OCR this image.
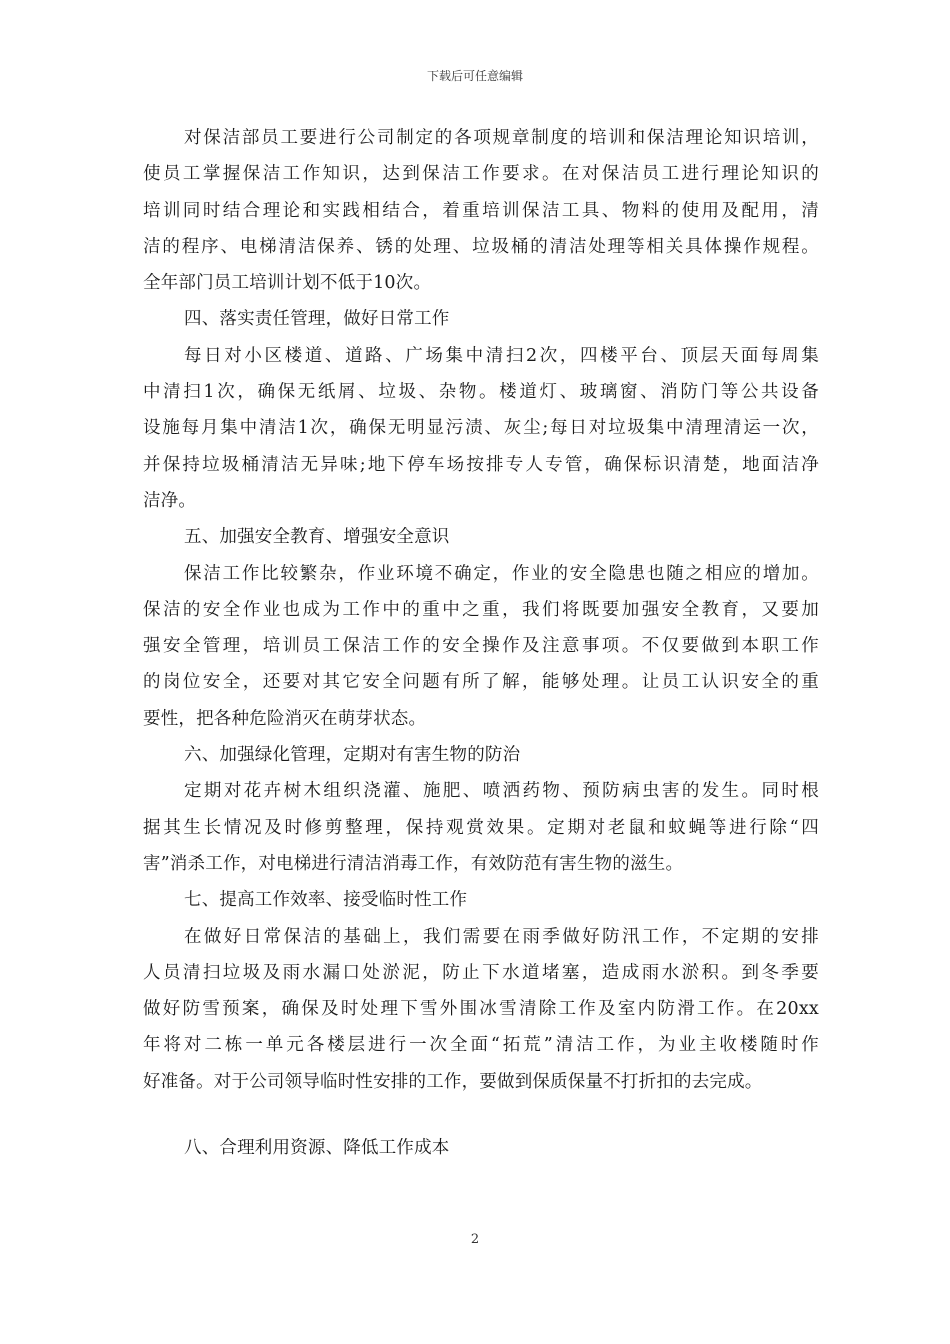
下载后可任意编辑
对保洁部员工要进行公司制定的各项规章制度的培训和保洁理论知识培训，
使员工掌握保洁工作知识，达到保洁工作要求。在对保洁员工进行理论知识的
培训同时结合理论和实践相结合，着重培训保洁工具、物料的使用及配用，清
洁的程序、电梯清洁保养、锈的处理、垃圾桶的清洁处理等相关具体操作规程。
全年部门员工培训计划不低于10次。
四、落实责任管理，做好日常工作
每日对小区楼道、道路、广场集中清扫2次，四楼平台、顶层天面每周集
中清扫1次，确保无纸屑、垃圾、杂物。楼道灯、玻璃窗、消防门等公共设备
设施每月集中清洁1次，确保无明显污渍、灰尘;每日对垃圾集中清理清运一次，
并保持垃圾桶清洁无异味;地下停车场按排专人专管，确保标识清楚，地面洁净
洁净。
五、加强安全教育、增强安全意识
保洁工作比较繁杂，作业环境不确定，作业的安全隐患也随之相应的增加。
保洁的安全作业也成为工作中的重中之重，我们将既要加强安全教育，又要加
强安全管理，培训员工保洁工作的安全操作及注意事项。不仅要做到本职工作
的岗位安全，还要对其它安全问题有所了解，能够处理。让员工认识安全的重
要性，把各种危险消灭在萌芽状态。
六、加强绿化管理，定期对有害生物的防治
定期对花卉树木组织浇灌、施肥、喷洒药物、预防病虫害的发生。同时根
据其生长情况及时修剪整理，保持观赏效果。定期对老鼠和蚊蝇等进行除“四
害”消杀工作，对电梯进行清洁消毒工作，有效防范有害生物的滋生。
七、提高工作效率、接受临时性工作
在做好日常保洁的基础上，我们需要在雨季做好防汛工作，不定期的安排
人员清扫垃圾及雨水漏口处淤泥，防止下水道堵塞，造成雨水淤积。到冬季要
做好防雪预案，确保及时处理下雪外围冰雪清除工作及室内防滑工作。在20xx
年将对二栋一单元各楼层进行一次全面“拓荒”清洁工作，为业主收楼随时作
好准备。对于公司领导临时性安排的工作，要做到保质保量不打折扣的去完成。
八、合理利用资源、降低工作成本
2
